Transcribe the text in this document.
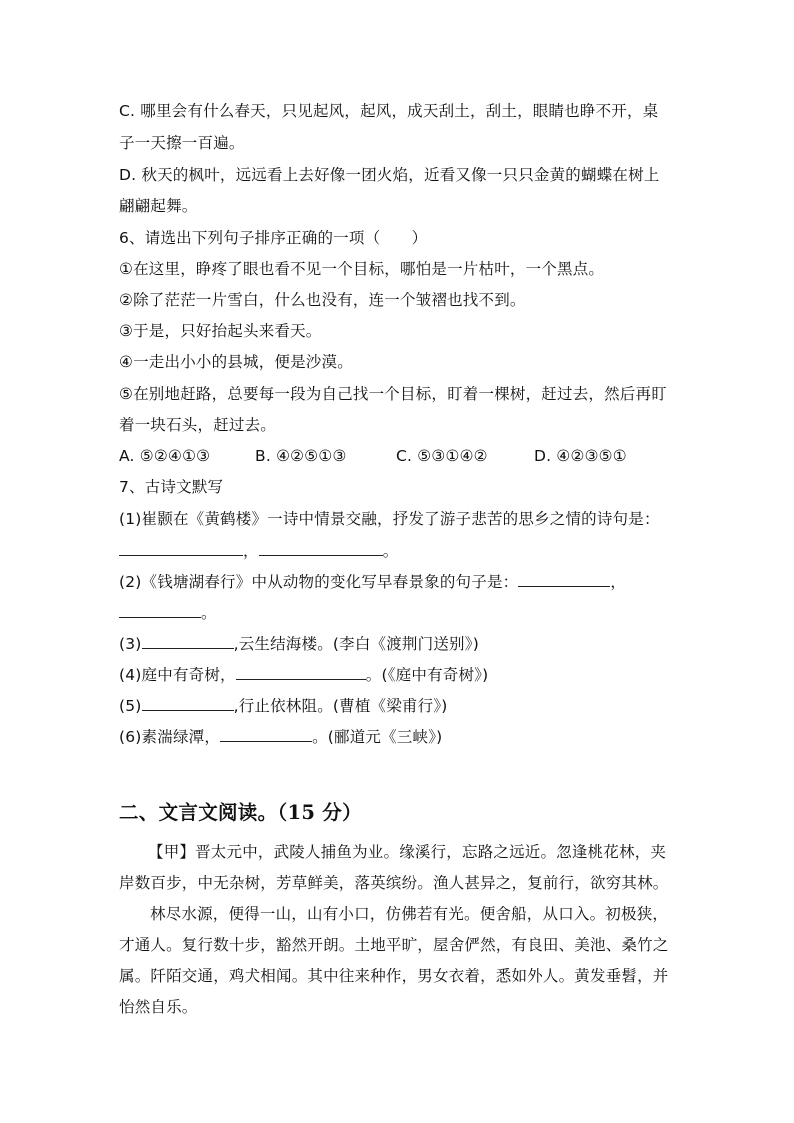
C. 哪里会有什么春天，只见起风，起风，成天刮土，刮土，眼睛也睁不开，桌
子一天擦一百遍。
D. 秋天的枫叶，远远看上去好像一团火焰，近看又像一只只金黄的蝴蝶在树上
翩翩起舞。
6、请选出下列句子排序正确的一项（　　）
①在这里，睁疼了眼也看不见一个目标，哪怕是一片枯叶，一个黑点。
②除了茫茫一片雪白，什么也没有，连一个皱褶也找不到。
③于是，只好抬起头来看天。
④一走出小小的县城，便是沙漠。
⑤在别地赶路，总要每一段为自己找一个目标，盯着一棵树，赶过去，然后再盯
着一块石头，赶过去。
A. ⑤②④①③	B. ④②⑤①③	C. ⑤③①④②	D. ④②③⑤①
7、古诗文默写
(1)崔颢在《黄鹤楼》一诗中情景交融，抒发了游子悲苦的思乡之情的诗句是：
，	。
(2)《钱塘湖春行》中从动物的变化写早春景象的句子是：	，
。
(3)	,云生结海楼。(李白《渡荆门送别》)
(4)庭中有奇树，	。(《庭中有奇树》)
(5)	,行止依林阻。(曹植《梁甫行》)
(6)素湍绿潭，	。(郦道元《三峡》)
二、文言文阅读。（15 分）
【甲】晋太元中，武陵人捕鱼为业。缘溪行，忘路之远近。忽逢桃花林，夹
岸数百步，中无杂树，芳草鲜美，落英缤纷。渔人甚异之，复前行，欲穷其林。
林尽水源，便得一山，山有小口，仿佛若有光。便舍船，从口入。初极狭，
才通人。复行数十步，豁然开朗。土地平旷，屋舍俨然，有良田、美池、桑竹之
属。阡陌交通，鸡犬相闻。其中往来种作，男女衣着，悉如外人。黄发垂髫，并
怡然自乐。
